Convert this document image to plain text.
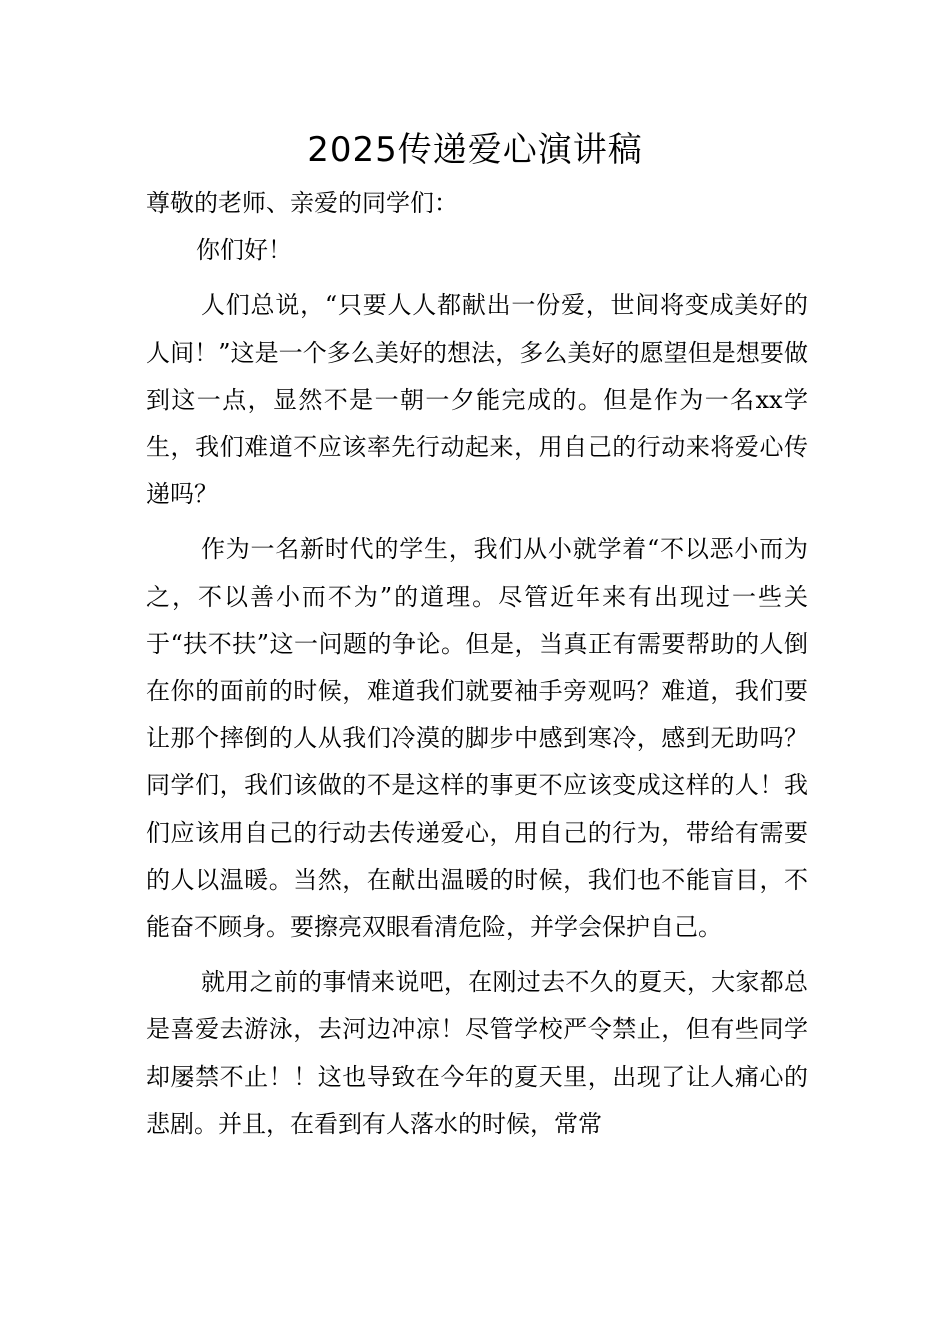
2025传递爱心演讲稿

尊敬的老师、亲爱的同学们：

你们好！

人们总说，“只要人人都献出一份爱，世间将变成美好的人间！”这是一个多么美好的想法，多么美好的愿望但是想要做到这一点，显然不是一朝一夕能完成的。但是作为一名xx学生，我们难道不应该率先行动起来，用自己的行动来将爱心传递吗？

作为一名新时代的学生，我们从小就学着“不以恶小而为之，不以善小而不为”的道理。尽管近年来有出现过一些关于“扶不扶”这一问题的争论。但是，当真正有需要帮助的人倒在你的面前的时候，难道我们就要袖手旁观吗？难道，我们要让那个摔倒的人从我们冷漠的脚步中感到寒冷，感到无助吗？同学们，我们该做的不是这样的事更不应该变成这样的人！我们应该用自己的行动去传递爱心，用自己的行为，带给有需要的人以温暖。当然，在献出温暖的时候，我们也不能盲目，不能奋不顾身。要擦亮双眼看清危险，并学会保护自己。

就用之前的事情来说吧，在刚过去不久的夏天，大家都总是喜爱去游泳，去河边冲凉！尽管学校严令禁止，但有些同学却屡禁不止！！这也导致在今年的夏天里，出现了让人痛心的悲剧。并且，在看到有人落水的时候，常常
